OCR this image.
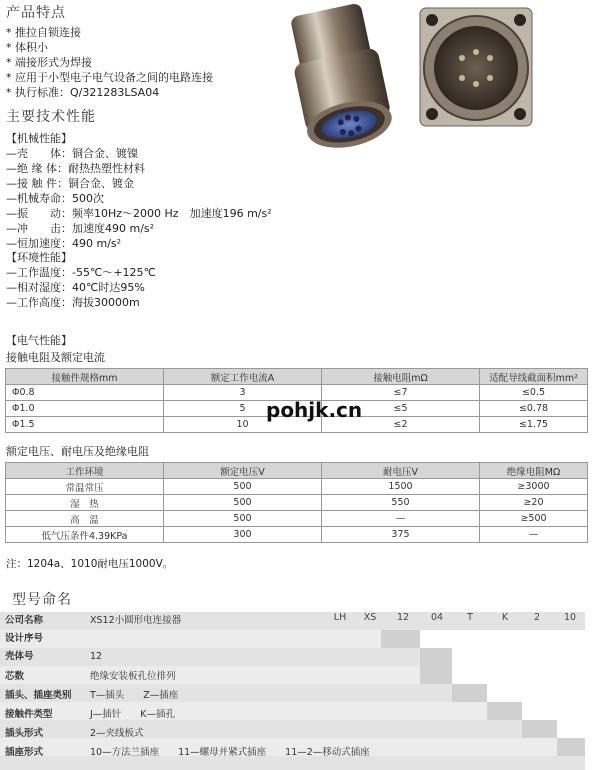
产品特点
* 推拉自锁连接
* 体积小
* 端接形式为焊接
* 应用于小型电子电气设备之间的电路连接
* 执行标准：Q/321283LSA04
主要技术性能
【机械性能】
—壳　　体：铜合金、镀镍
—绝 缘 体：耐热热塑性材料
—接 触 件：铜合金、镀金
—机械寿命：500次
—振　　动：频率10Hz～2000 Hz　加速度196 m/s²
—冲　　击：加速度490 m/s²
—恒加速度：490 m/s²
【环境性能】
—工作温度：-55℃～+125℃
—相对湿度：40℃时达95%
—工作高度：海拔30000m
【电气性能】
接触电阻及额定电流
接触件规格mm	额定工作电流A	接触电阻mΩ	适配导线截面积mm²
Φ0.8	3	≤7	≤0.5
Φ1.0	5	≤5	≤0.78
Φ1.5	10	≤2	≤1.75
pohjk.cn
额定电压、耐电压及绝缘电阻
工作环境	额定电压V	耐电压V	绝缘电阻MΩ
常温常压	500	1500	≥3000
湿　热	500	550	≥20
高　温	500	—	≥500
低气压条件4.39KPa	300	375	—
注：1204a、1010耐电压1000V。
型号命名
LH	XS	12	04	T	K	2	10
公司名称	XS12小圆形电连接器
设计序号
壳体号	12
芯数	绝缘安装板孔位排列
插头、插座类别 T—插头　　Z—插座
接触件类型	J—插针　　K—插孔
插头形式	2—夹线板式
插座形式	10—方法兰插座　　11—螺母并紧式插座　　11—2—移动式插座
